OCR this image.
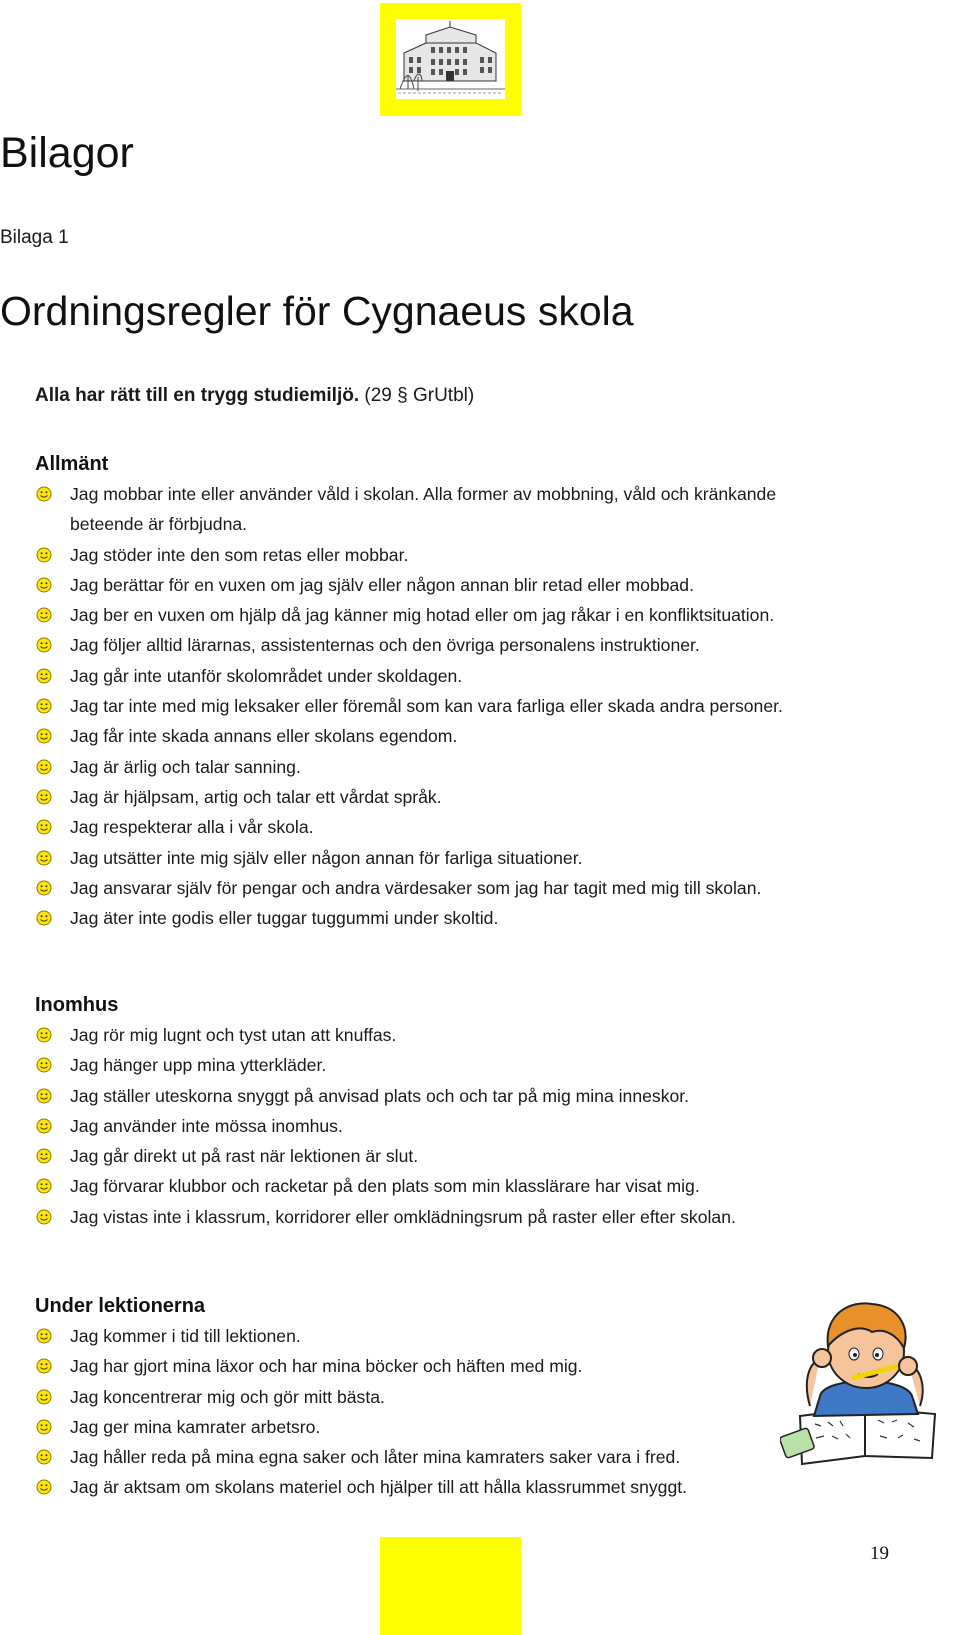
Bilagor
Bilaga 1
Ordningsregler för Cygnaeus skola
Alla har rätt till en trygg studiemiljö. (29 § GrUtbl)
Allmänt
Jag mobbar inte eller använder våld i skolan. Alla former av mobbning, våld och kränkande
beteende är förbjudna.
Jag stöder inte den som retas eller mobbar.
Jag berättar för en vuxen om jag själv eller någon annan blir retad eller mobbad.
Jag ber en vuxen om hjälp då jag känner mig hotad eller om jag råkar i en konfliktsituation.
Jag följer alltid lärarnas, assistenternas och den övriga personalens instruktioner.
Jag går inte utanför skolområdet under skoldagen.
Jag tar inte med mig leksaker eller föremål som kan vara farliga eller skada andra personer.
Jag får inte skada annans eller skolans egendom.
Jag är ärlig och talar sanning.
Jag är hjälpsam, artig och talar ett vårdat språk.
Jag respekterar alla i vår skola.
Jag utsätter inte mig själv eller någon annan för farliga situationer.
Jag ansvarar själv för pengar och andra värdesaker som jag har tagit med mig till skolan.
Jag äter inte godis eller tuggar tuggummi under skoltid.
Inomhus
Jag rör mig lugnt och tyst utan att knuffas.
Jag hänger upp mina ytterkläder.
Jag ställer uteskorna snyggt på anvisad plats och och tar på mig mina inneskor.
Jag använder inte mössa inomhus.
Jag går direkt ut på rast när lektionen är slut.
Jag förvarar klubbor och racketar på den plats som min klasslärare har visat mig.
Jag vistas inte i klassrum, korridorer eller omklädningsrum på raster eller efter skolan.
Under lektionerna
Jag kommer i tid till lektionen.
Jag har gjort mina läxor och har mina böcker och häften med mig.
Jag koncentrerar mig och gör mitt bästa.
Jag ger mina kamrater arbetsro.
Jag håller reda på mina egna saker och låter mina kamraters saker vara i fred.
Jag är aktsam om skolans materiel och hjälper till att hålla klassrummet snyggt.
19
